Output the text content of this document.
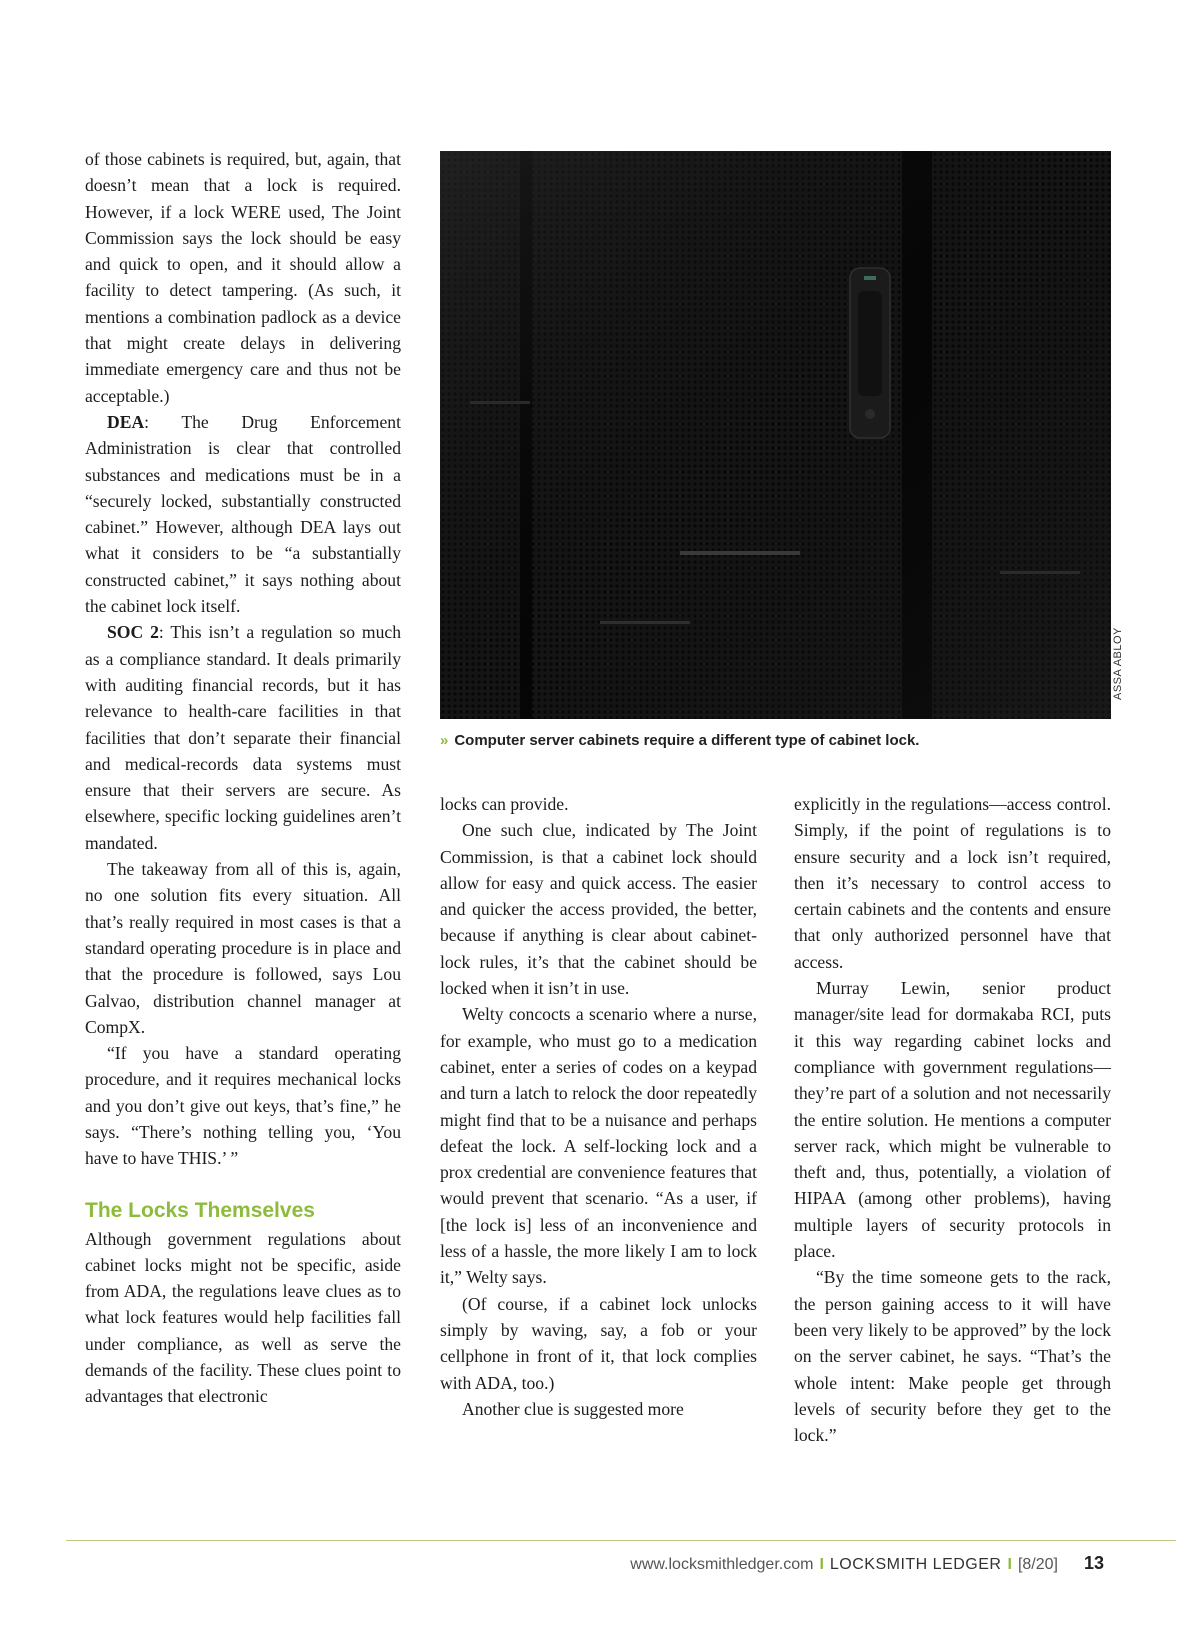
of those cabinets is required, but, again, that doesn’t mean that a lock is required. However, if a lock WERE used, The Joint Commission says the lock should be easy and quick to open, and it should allow a facility to detect tampering. (As such, it mentions a combination padlock as a device that might create delays in delivering immediate emergency care and thus not be acceptable.)

DEA: The Drug Enforcement Administration is clear that controlled substances and medications must be in a “securely locked, substantially constructed cabinet.” However, although DEA lays out what it considers to be “a substantially constructed cabinet,” it says nothing about the cabinet lock itself.

SOC 2: This isn’t a regulation so much as a compliance standard. It deals primarily with auditing financial records, but it has relevance to health-care facilities in that facilities that don’t separate their financial and medical-records data systems must ensure that their servers are secure. As elsewhere, specific locking guidelines aren’t mandated.

The takeaway from all of this is, again, no one solution fits every situation. All that’s really required in most cases is that a standard operating procedure is in place and that the procedure is followed, says Lou Galvao, distribution channel manager at CompX.

“If you have a standard operating procedure, and it requires mechanical locks and you don’t give out keys, that’s fine,” he says. “There’s nothing telling you, ‘You have to have THIS.’ ”

The Locks Themselves

Although government regulations about cabinet locks might not be specific, aside from ADA, the regulations leave clues as to what lock features would help facilities fall under compliance, as well as serve the demands of the facility. These clues point to advantages that electronic

ASSA ABLOY
» Computer server cabinets require a different type of cabinet lock.

locks can provide.

One such clue, indicated by The Joint Commission, is that a cabinet lock should allow for easy and quick access. The easier and quicker the access provided, the better, because if anything is clear about cabinet-lock rules, it’s that the cabinet should be locked when it isn’t in use.

Welty concocts a scenario where a nurse, for example, who must go to a medication cabinet, enter a series of codes on a keypad and turn a latch to relock the door repeatedly might find that to be a nuisance and perhaps defeat the lock. A self-locking lock and a prox credential are convenience features that would prevent that scenario. “As a user, if [the lock is] less of an inconvenience and less of a hassle, the more likely I am to lock it,” Welty says.

(Of course, if a cabinet lock unlocks simply by waving, say, a fob or your cellphone in front of it, that lock complies with ADA, too.)

Another clue is suggested more

explicitly in the regulations—access control. Simply, if the point of regulations is to ensure security and a lock isn’t required, then it’s necessary to control access to certain cabinets and the contents and ensure that only authorized personnel have that access.

Murray Lewin, senior product manager/site lead for dormakaba RCI, puts it this way regarding cabinet locks and compliance with government regulations—they’re part of a solution and not necessarily the entire solution. He mentions a computer server rack, which might be vulnerable to theft and, thus, potentially, a violation of HIPAA (among other problems), having multiple layers of security protocols in place.

“By the time someone gets to the rack, the person gaining access to it will have been very likely to be approved” by the lock on the server cabinet, he says. “That’s the whole intent: Make people get through levels of security before they get to the lock.”

www.locksmithledger.com I LOCKSMITH LEDGER I [8/20] 13
